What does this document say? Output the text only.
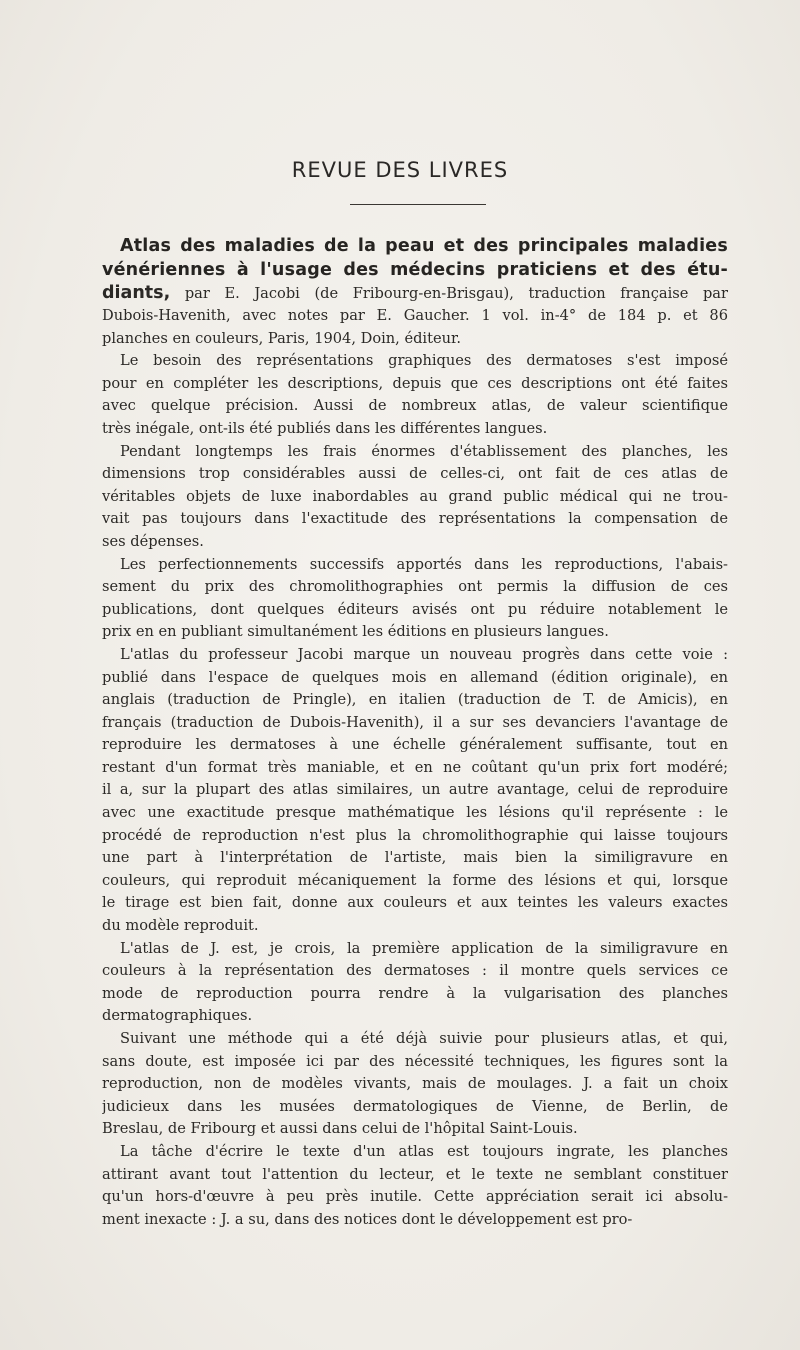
REVUE DES LIVRES
Atlas des maladies de la peau et des principales maladies
vénériennes à l'usage des médecins praticiens et des étu-
diants, par E. Jacobi (de Fribourg-en-Brisgau), traduction française par
Dubois-Havenith, avec notes par E. Gaucher. 1 vol. in-4° de 184 p. et 86
planches en couleurs, Paris, 1904, Doin, éditeur.
Le besoin des représentations graphiques des dermatoses s'est imposé
pour en compléter les descriptions, depuis que ces descriptions ont été faites
avec quelque précision. Aussi de nombreux atlas, de valeur scientifique
très inégale, ont-ils été publiés dans les différentes langues.
Pendant longtemps les frais énormes d'établissement des planches, les
dimensions trop considérables aussi de celles-ci, ont fait de ces atlas de
véritables objets de luxe inabordables au grand public médical qui ne trou-
vait pas toujours dans l'exactitude des représentations la compensation de
ses dépenses.
Les perfectionnements successifs apportés dans les reproductions, l'abais-
sement du prix des chromolithographies ont permis la diffusion de ces
publications, dont quelques éditeurs avisés ont pu réduire notablement le
prix en en publiant simultanément les éditions en plusieurs langues.
L'atlas du professeur Jacobi marque un nouveau progrès dans cette voie :
publié dans l'espace de quelques mois en allemand (édition originale), en
anglais (traduction de Pringle), en italien (traduction de T. de Amicis), en
français (traduction de Dubois-Havenith), il a sur ses devanciers l'avantage de
reproduire les dermatoses à une échelle généralement suffisante, tout en
restant d'un format très maniable, et en ne coûtant qu'un prix fort modéré;
il a, sur la plupart des atlas similaires, un autre avantage, celui de reproduire
avec une exactitude presque mathématique les lésions qu'il représente : le
procédé de reproduction n'est plus la chromolithographie qui laisse toujours
une part à l'interprétation de l'artiste, mais bien la similigravure en
couleurs, qui reproduit mécaniquement la forme des lésions et qui, lorsque
le tirage est bien fait, donne aux couleurs et aux teintes les valeurs exactes
du modèle reproduit.
L'atlas de J. est, je crois, la première application de la similigravure en
couleurs à la représentation des dermatoses : il montre quels services ce
mode de reproduction pourra rendre à la vulgarisation des planches
dermatographiques.
Suivant une méthode qui a été déjà suivie pour plusieurs atlas, et qui,
sans doute, est imposée ici par des nécessité techniques, les figures sont la
reproduction, non de modèles vivants, mais de moulages. J. a fait un choix
judicieux dans les musées dermatologiques de Vienne, de Berlin, de
Breslau, de Fribourg et aussi dans celui de l'hôpital Saint-Louis.
La tâche d'écrire le texte d'un atlas est toujours ingrate, les planches
attirant avant tout l'attention du lecteur, et le texte ne semblant constituer
qu'un hors-d'œuvre à peu près inutile. Cette appréciation serait ici absolu-
ment inexacte : J. a su, dans des notices dont le développement est pro-
